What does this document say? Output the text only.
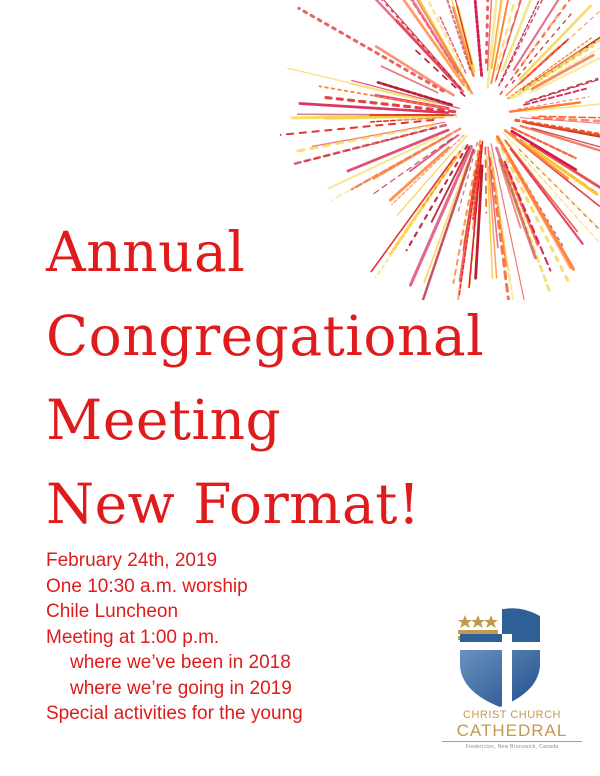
Annual
Congregational
Meeting
New Format!
February 24th, 2019
One 10:30 a.m. worship
Chile Luncheon
Meeting at 1:00 p.m.
where we’ve been in 2018
where we’re going in 2019
Special activities for the young	CHRIST CHURCH
CATHEDRAL
Fredericton, New Brunswick, Canada
